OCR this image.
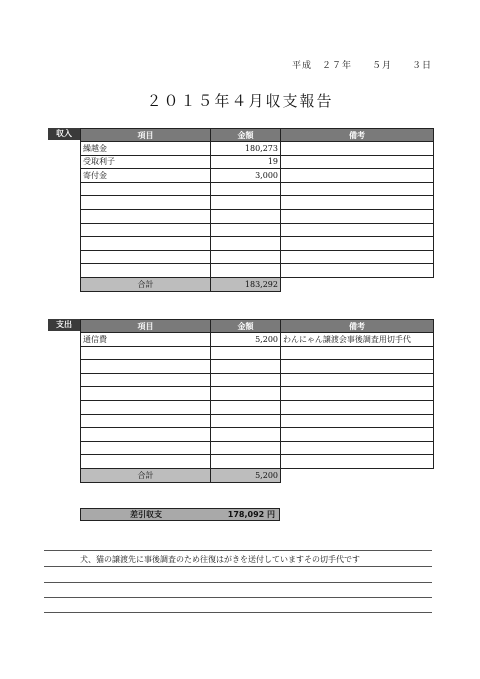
平成　２７年　　５月　　３日
２０１５年４月収支報告
収入	項目	金額	備考
繰越金	180,273	
受取利子	19	
寄付金	3,000	

合計	183,292	
支出	項目	金額	備考
通信費	5,200	わんにゃん譲渡会事後調査用切手代

合計	5,200	
差引収支	178,092 円
犬、猫の譲渡先に事後調査のため往復はがきを送付していますその切手代です
